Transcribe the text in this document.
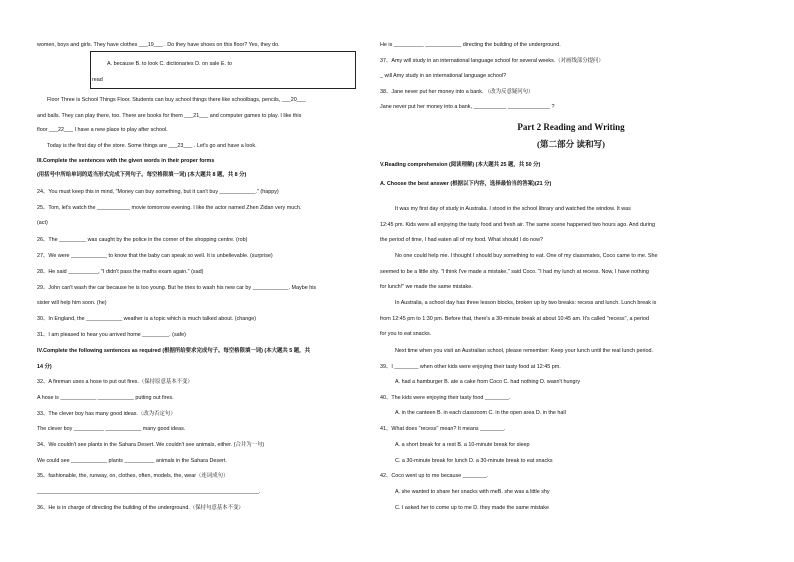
women, boys and girls. They have clothes ___19___ . Do they have shoes on this floor? Yes, they do.
A. because B. to look C. dictionaries D. on sale E. to
read
Floor Three is School Things Floor. Students can buy school things there like schoolbags, pencils, ___20___
and balls. They can play there, too. There are books for them ___21___ and computer games to play. I like this
floor ___22___ I have a new place to play after school.
Today is the first day of the store. Some things are ___23___ . Let's go and have a look.
III.Complete the sentences with the given words in their proper forms
(用括号中所给单词的适当形式完成下列句子。每空格限填一词) (本大题共 8 题，共 8 分)
24、You must keep this in mind, "Money can buy something, but it can't buy ____________." (happy)
25、Tom, let's watch the ___________ movie tomorrow evening. I like the actor named Zhen Zidan very much.
(act)
26、The _________ was caught by the police in the corner of the shopping centre. (rob)
27、We were ____________ to know that the baby can speak so well. It is unbelievable. (surprise)
28、He said __________, "I didn't pass the maths exam again." (sad)
29、John can't wash the car because he is too young. But he tries to wash his new car by ____________. Maybe his
sister will help him soon. (he)
30、In England, the ____________ weather is a topic which is much talked about. (change)
31、I am pleased to hear you arrived home _________. (safe)
IV.Complete the following sentences as required (根据所给要求完成句子。每空格限填一词) (本大题共 5 题，共
14 分)
32、A fireman uses a hose to put out fires.（保持原意基本不变）
A hose is ____________ ____________ putting out fires.
33、The clever boy has many good ideas.（改为否定句）
The clever boy __________ ____________ many good ideas.
34、We couldn't see plants in the Sahara Desert. We couldn't see animals, either. (合并为一句)
We could see ____________ plants __________ animals in the Sahara Desert.
35、fashionable, the, runway, on, clothes, often, models, the, wear（连词成句）
__________________________________________________________________________.
36、He is in charge of directing the building of the underground.（保持句意基本不变）
Part 2 Reading and Writing
(第二部分 读和写)
He is __________ ____________ directing the building of the underground.
37、Amy will study in an international language school for several weeks.（对画线部分提问）
_ will Amy study in an international language school?
38、Jane never put her money into a bank. （改为反意疑问句）
Jane never put her money into a bank, ___________ ______________ ?
V.Reading comprehension (阅读理解) (本大题共 25 题，共 50 分)
A. Choose the best answer (根据以下内容，选择最恰当的答案)(21 分)
It was my first day of study in Australia. I stood in the school library and watched the window. It was
12:45 pm. Kids were all enjoying the tasty food and fresh air. The same scene happened two hours ago. And during
the period of time, I had eaten all of my food. What should I do now?
No one could help me. I thought I should buy something to eat. One of my classmates, Coco came to me. She
seemed to be a little shy. "I think I've made a mistake," said Coco. "I had my lunch at recess. Now, I have nothing
for lunch!" we made the same mistake.
In Australia, a school day has three lesson blocks, broken up by two breaks: recess and lunch. Lunch break is
from 12:45 pm to 1:30 pm. Before that, there's a 30-minute break at about 10:45 am. It's called "recess", a period
for you to eat snacks.
Next time when you visit an Australian school, please remember: Keep your lunch until the real lunch period.
39、I ________ when other kids were enjoying their tasty food at 12:45 pm.
A. had a hamburger B. ate a cake from Coco C. had nothing D. wasn't hungry
40、The kids were enjoying their tasty food ________.
A. in the canteen B. in each classroom C. in the open area D. in the hall
41、What does "recess" mean? It means ________.
A. a short break for a rest B. a 10-minute break for sleep
C. a 30-minute break for lunch D. a 30-minute break to eat snacks
42、Coco went up to me because ________.
A. she wanted to share her snacks with meB. she was a little shy
C. I asked her to come up to me D. they made the same mistake
